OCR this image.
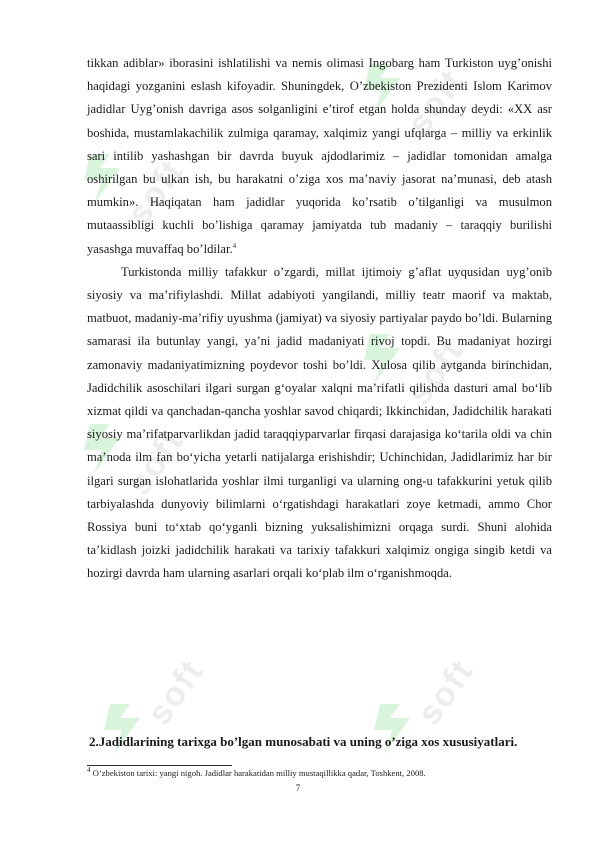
soft
soft
soft
soft
soft	soft

tikkan adiblar» iborasini ishlatilishi va nemis olimasi Ingobarg ham Turkiston uyg’onishi haqidagi yozganini eslash kifoyadir. Shuningdek, O’zbekiston Prezidenti Islom Karimov jadidlar Uyg’onish davriga asos solganligini e’tirof etgan holda shunday deydi: «XX asr boshida, mustamlakachilik zulmiga qaramay, xalqimiz yangi ufqlarga – milliy va erkinlik sari intilib yashashgan bir davrda buyuk ajdodlarimiz – jadidlar tomonidan amalga oshirilgan bu ulkan ish, bu harakatni o’ziga xos ma’naviy jasorat na’munasi, deb atash mumkin». Haqiqatan ham jadidlar yuqorida ko’rsatib o’tilganligi va musulmon mutaassibligi kuchli bo’lishiga qaramay jamiyatda tub madaniy – taraqqiy burilishi yasashga muvaffaq bo’ldilar.$^4$

Turkistonda milliy tafakkur o’zgardi, millat ijtimoiy g’aflat uyqusidan uyg’onib siyosiy va ma’rifiylashdi. Millat adabiyoti yangilandi, milliy teatr maorif va maktab, matbuot, madaniy-ma’rifiy uyushma (jamiyat) va siyosiy partiyalar paydo bo’ldi. Bularning samarasi ila butunlay yangi, ya’ni jadid madaniyati rivoj topdi. Bu madaniyat hozirgi zamonaviy madaniyatimizning poydevor toshi bo’ldi. Xulosa qilib aytganda birinchidan, Jadidchilik asoschilari ilgari surgan g‘oyalar xalqni ma’rifatli qilishda dasturi amal bo‘lib xizmat qildi va qanchadan-qancha yoshlar savod chiqardi; Ikkinchidan, Jadidchilik harakati siyosiy ma’rifatparvarlikdan jadid taraqqiyparvarlar firqasi darajasiga ko‘tarila oldi va chin ma’noda ilm fan bo‘yicha yetarli natijalarga erishishdir; Uchinchidan, Jadidlarimiz har bir ilgari surgan islohatlarida yoshlar ilmi turganligi va ularning ong-u tafakkurini yetuk qilib tarbiyalashda dunyoviy bilimlarni o‘rgatishdagi harakatlari zoye ketmadi, ammo Chor Rossiya buni to‘xtab qo‘yganli bizning yuksalishimizni orqaga surdi. Shuni alohida ta’kidlash joizki jadidchilik harakati va tarixiy tafakkuri xalqimiz ongiga singib ketdi va hozirgi davrda ham ularning asarlari orqali ko‘plab ilm o‘rganishmoqda.

2.Jadidlarining tarixga bo’lgan munosabati va uning o’ziga xos xususiyatlari.
$^4$ O’zbekiston tarixi: yangi nigoh. Jadidlar harakatidan milliy mustaqillikka qadar, Toshkent, 2008.
7
